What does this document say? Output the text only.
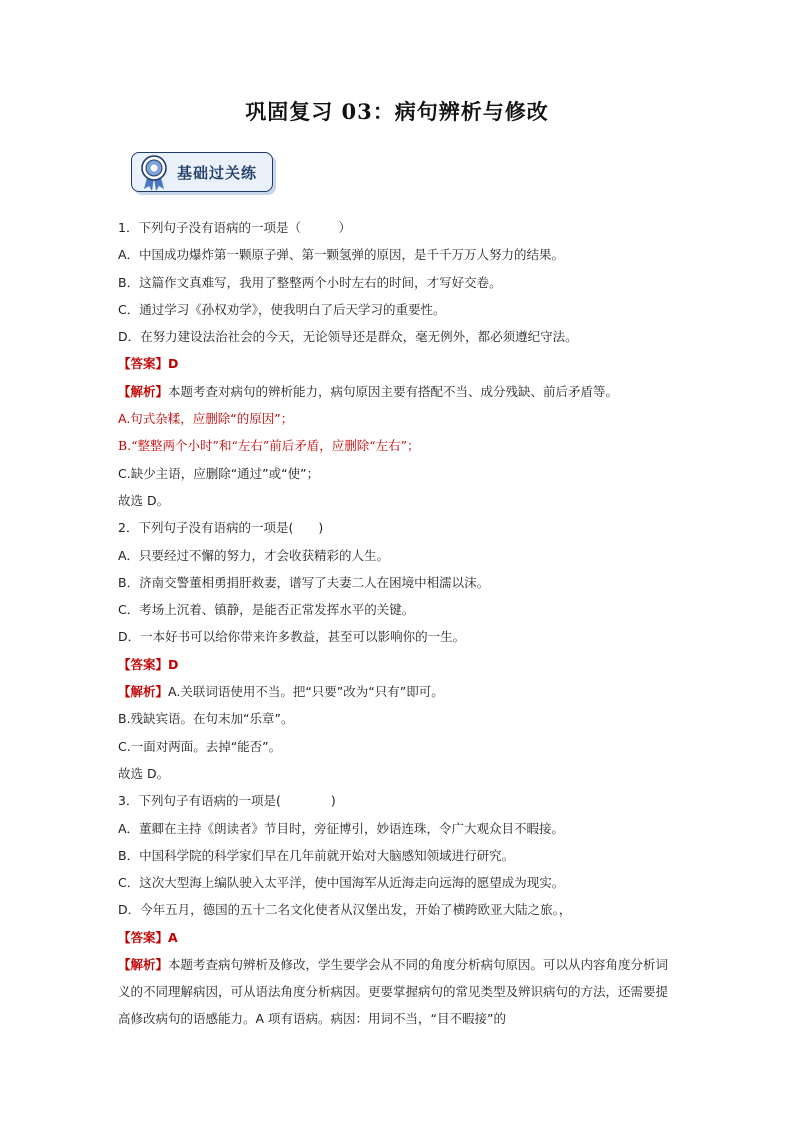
巩固复习 03：病句辨析与修改
基础过关练
1．下列句子没有语病的一项是（　　　）
A．中国成功爆炸第一颗原子弹、第一颗氢弹的原因，是千千万万人努力的结果。
B．这篇作文真难写，我用了整整两个小时左右的时间，才写好交卷。
C．通过学习《孙权劝学》，使我明白了后天学习的重要性。
D．在努力建设法治社会的今天，无论领导还是群众，毫无例外，都必须遵纪守法。
【答案】D
【解析】本题考查对病句的辨析能力，病句原因主要有搭配不当、成分残缺、前后矛盾等。
A.句式杂糅，应删除“的原因”；
B.“整整两个小时”和“左右”前后矛盾，应删除“左右”；
C.缺少主语，应删除“通过”或“使”；
故选 D。
2．下列句子没有语病的一项是(　　)
A．只要经过不懈的努力，才会收获精彩的人生。
B．济南交警董相勇捐肝救妻，谱写了夫妻二人在困境中相濡以沫。
C．考场上沉着、镇静，是能否正常发挥水平的关键。
D．一本好书可以给你带来许多教益，甚至可以影响你的一生。
【答案】D
【解析】A.关联词语使用不当。把“只要”改为“只有”即可。
B.残缺宾语。在句末加“乐章”。
C.一面对两面。去掉“能否”。
故选 D。
3．下列句子有语病的一项是(　　　　)
A．董卿在主持《朗读者》节目时，旁征博引，妙语连珠，令广大观众目不暇接。
B．中国科学院的科学家们早在几年前就开始对大脑感知领域进行研究。
C．这次大型海上编队驶入太平洋，使中国海军从近海走向远海的愿望成为现实。
D．今年五月，德国的五十二名文化使者从汉堡出发，开始了横跨欧亚大陆之旅。，
【答案】A
【解析】本题考查病句辨析及修改，学生要学会从不同的角度分析病句原因。可以从内容角度分析词义的不同理解病因，可从语法角度分析病因。更要掌握病句的常见类型及辨识病句的方法，还需要提高修改病句的语感能力。A 项有语病。病因：用词不当，“目不暇接”的
